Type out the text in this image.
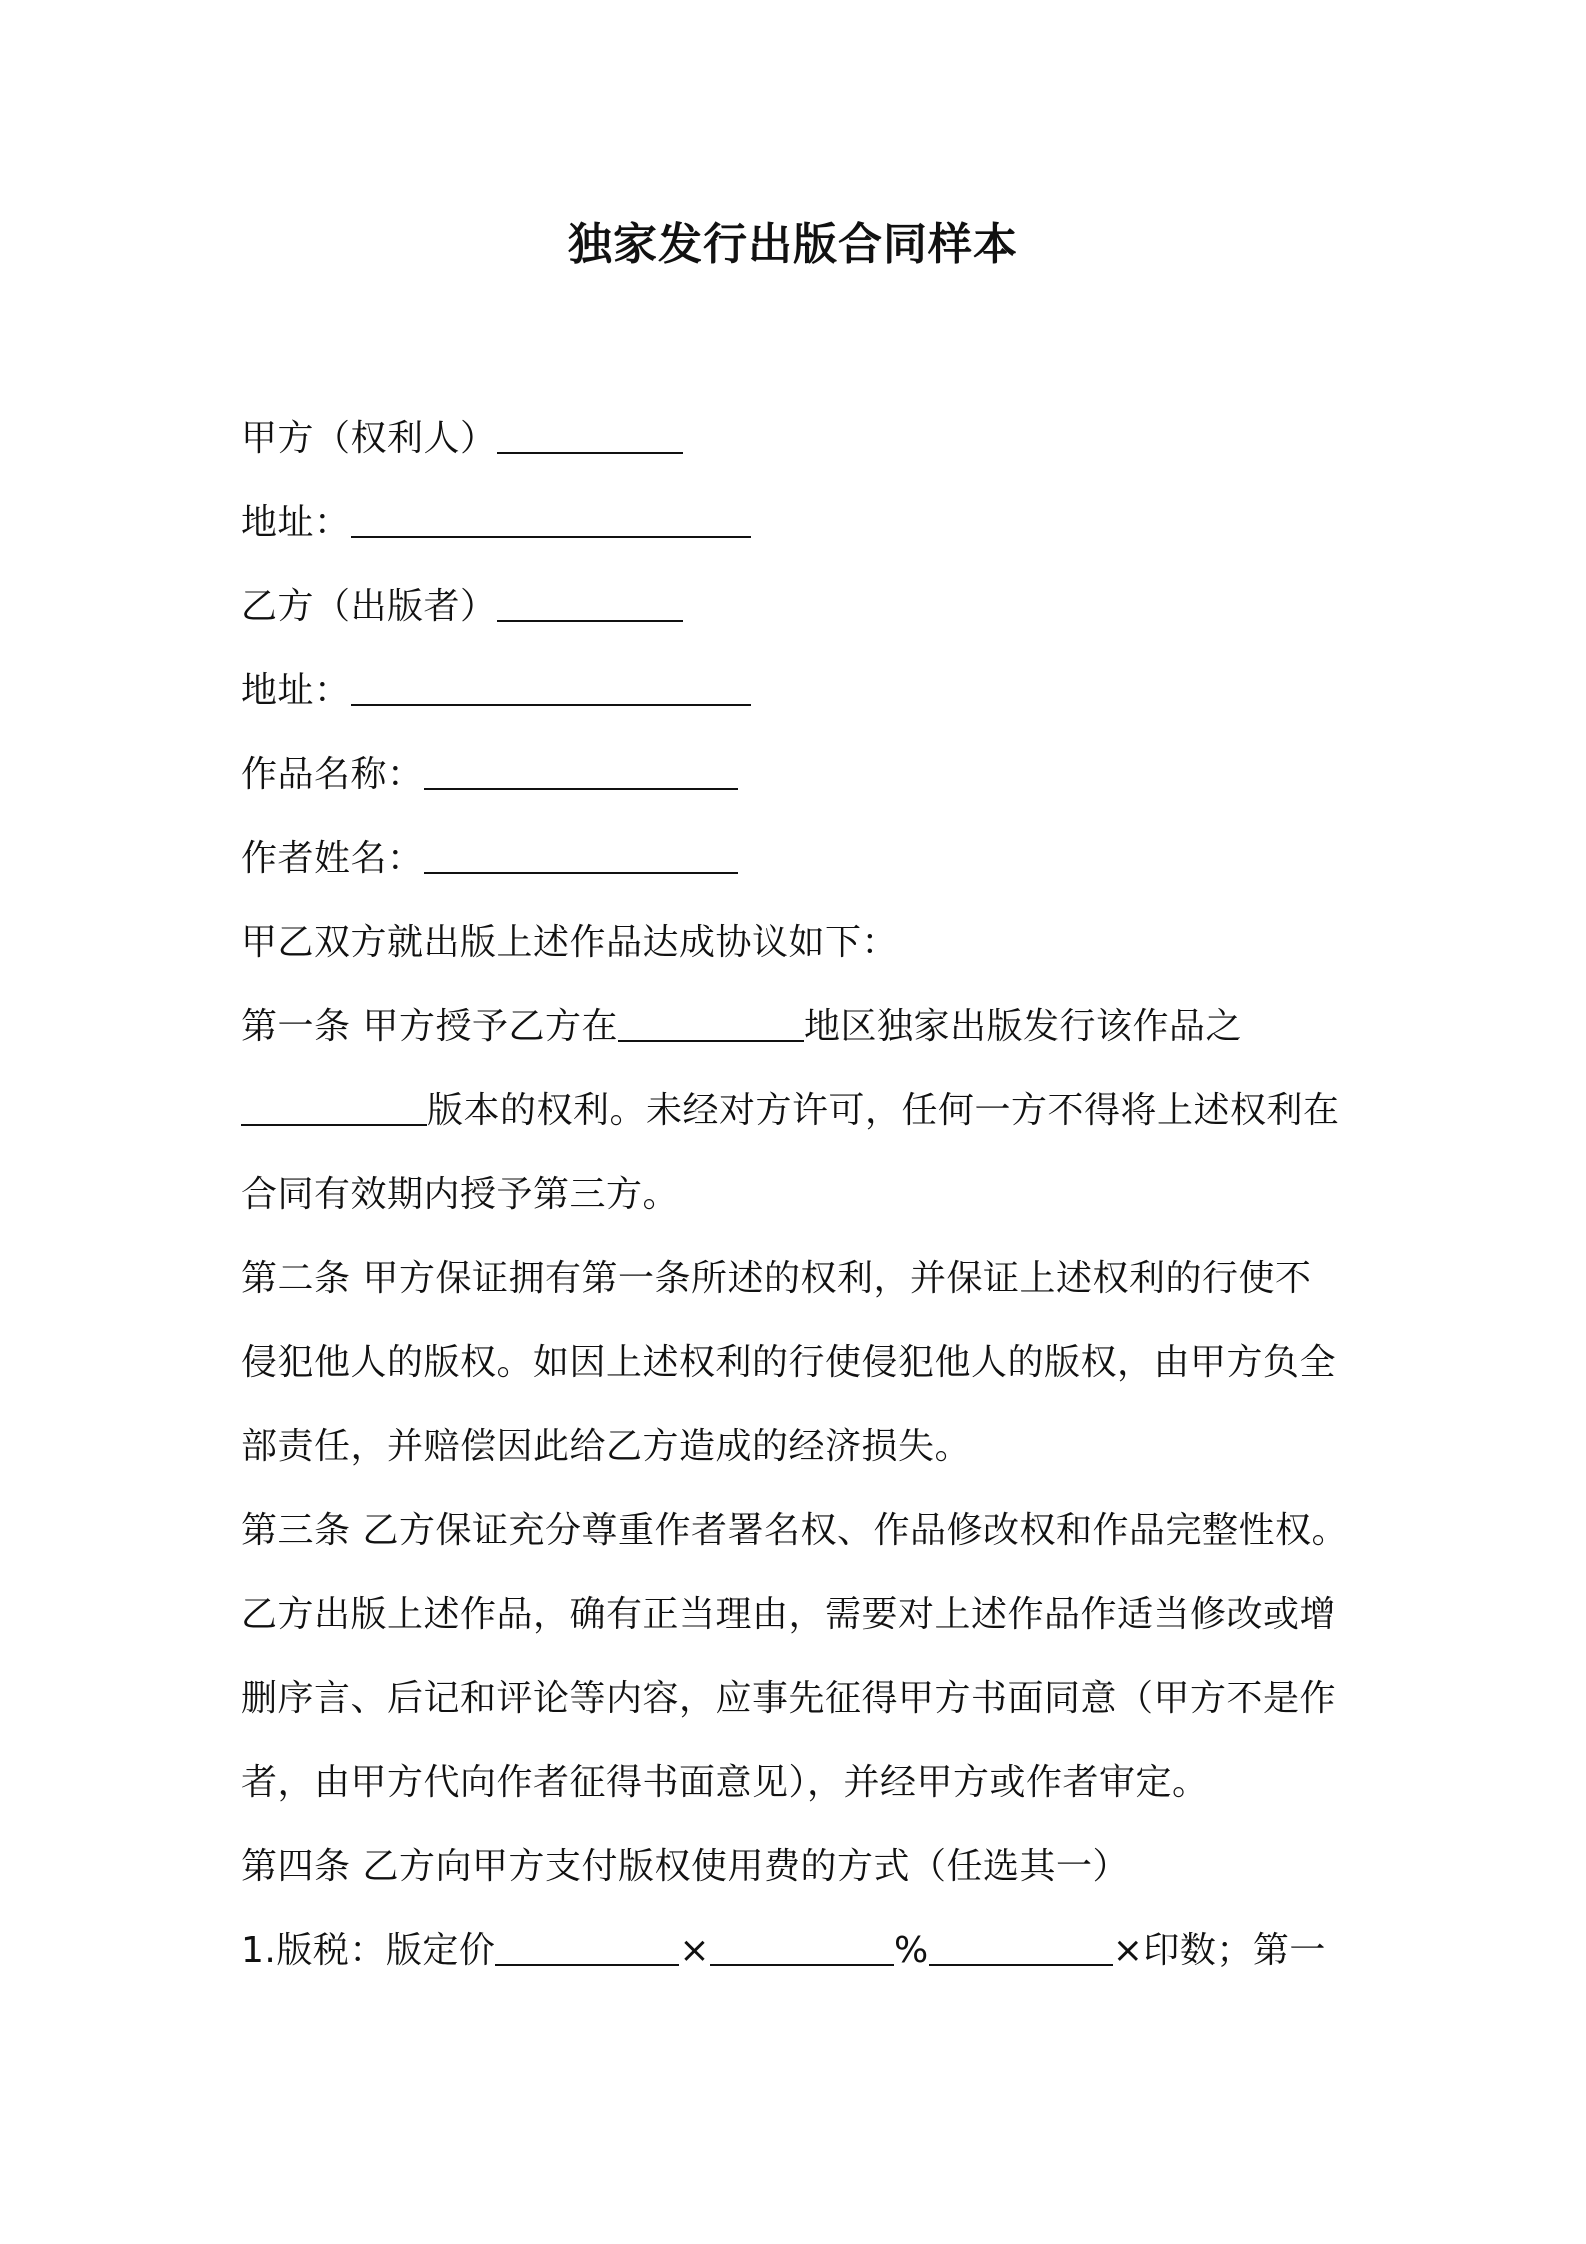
独家发行出版合同样本

甲方（权利人）

地址：

乙方（出版者）

地址：

作品名称：

作者姓名：

甲乙双方就出版上述作品达成协议如下：

第一条 甲方授予乙方在	地区独家出版发行该作品之

版本的权利。未经对方许可，任何一方不得将上述权利在

合同有效期内授予第三方。

第二条 甲方保证拥有第一条所述的权利，并保证上述权利的行使不

侵犯他人的版权。如因上述权利的行使侵犯他人的版权，由甲方负全

部责任，并赔偿因此给乙方造成的经济损失。

第三条 乙方保证充分尊重作者署名权、作品修改权和作品完整性权。

乙方出版上述作品，确有正当理由，需要对上述作品作适当修改或增

删序言、后记和评论等内容，应事先征得甲方书面同意（甲方不是作

者，由甲方代向作者征得书面意见），并经甲方或作者审定。

第四条 乙方向甲方支付版权使用费的方式（任选其一）

1.版税：版定价	×	%	×印数；第一
